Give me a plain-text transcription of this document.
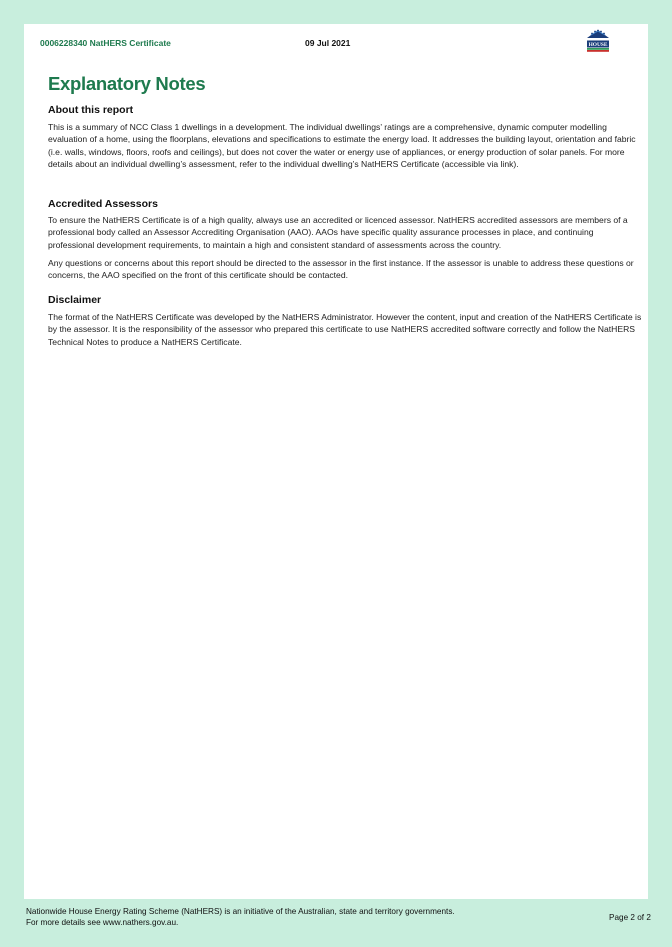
0006228340 NatHERS Certificate	09 Jul 2021	HOUSE
Explanatory Notes
About this report

This is a summary of NCC Class 1 dwellings in a development. The individual dwellings’ ratings are a comprehensive, dynamic computer modelling evaluation of a home, using the floorplans, elevations and specifications to estimate the energy load. It addresses the building layout, orientation and fabric (i.e. walls, windows, floors, roofs and ceilings), but does not cover the water or energy use of appliances, or energy production of solar panels. For more details about an individual dwelling’s assessment, refer to the individual dwelling’s NatHERS Certificate (accessible via link).

Accredited Assessors

To ensure the NatHERS Certificate is of a high quality, always use an accredited or licenced assessor. NatHERS accredited assessors are members of a professional body called an Assessor Accrediting Organisation (AAO). AAOs have specific quality assurance processes in place, and continuing professional development requirements, to maintain a high and consistent standard of assessments across the country.

Any questions or concerns about this report should be directed to the assessor in the first instance. If the assessor is unable to address these questions or concerns, the AAO specified on the front of this certificate should be contacted.

Disclaimer

The format of the NatHERS Certificate was developed by the NatHERS Administrator. However the content, input and creation of the NatHERS Certificate is by the assessor. It is the responsibility of the assessor who prepared this certificate to use NatHERS accredited software correctly and follow the NatHERS Technical Notes to produce a NatHERS Certificate.

Nationwide House Energy Rating Scheme (NatHERS) is an initiative of the Australian, state and territory governments.
For more details see www.nathers.gov.au.	Page 2 of 2
